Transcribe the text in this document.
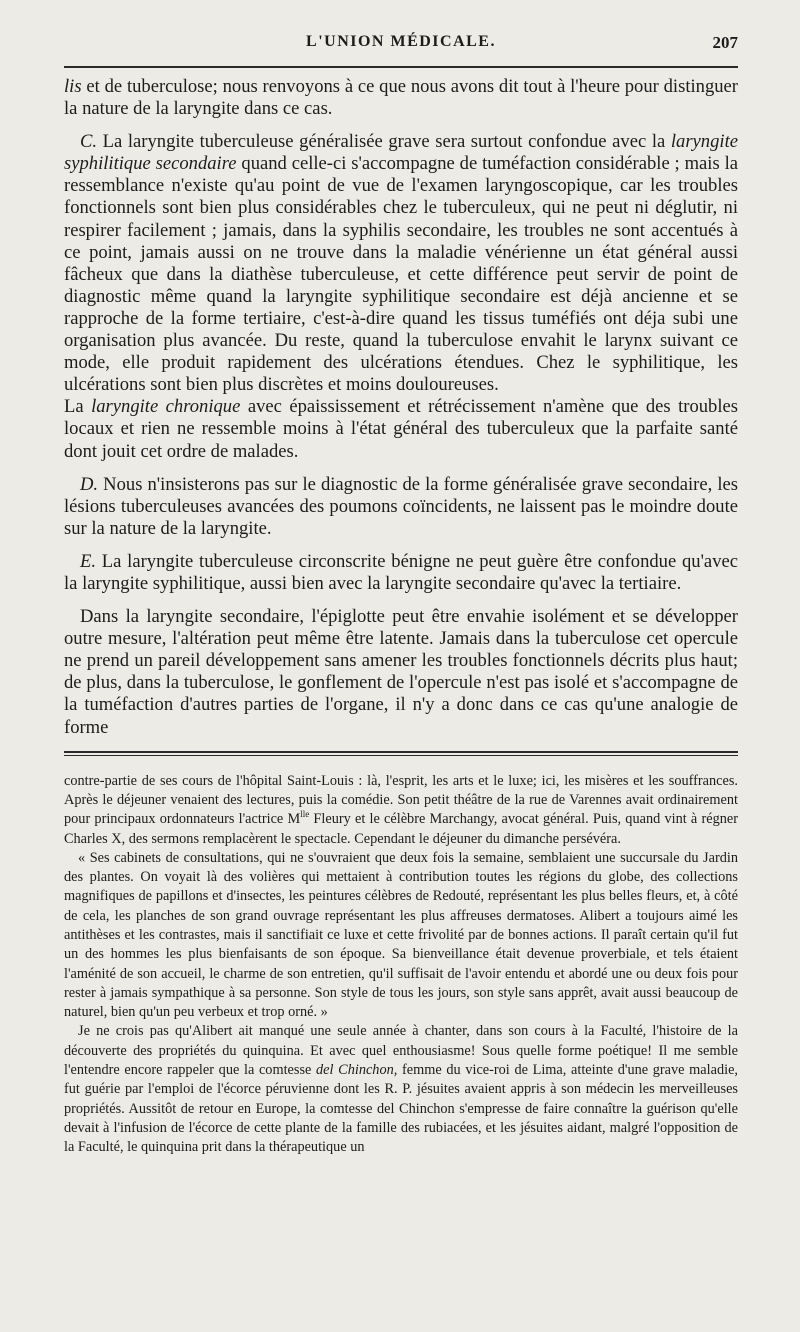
L'UNION MÉDICALE.	207

lis et de tuberculose; nous renvoyons à ce que nous avons dit tout à l'heure pour distinguer la nature de la laryngite dans ce cas.

C. La laryngite tuberculeuse généralisée grave sera surtout confondue avec la laryngite syphilitique secondaire quand celle-ci s'accompagne de tuméfaction considérable ; mais la ressemblance n'existe qu'au point de vue de l'examen laryngoscopique, car les troubles fonctionnels sont bien plus considérables chez le tuberculeux, qui ne peut ni déglutir, ni respirer facilement ; jamais, dans la syphilis secondaire, les troubles ne sont accentués à ce point, jamais aussi on ne trouve dans la maladie vénérienne un état général aussi fâcheux que dans la diathèse tuberculeuse, et cette différence peut servir de point de diagnostic même quand la laryngite syphilitique secondaire est déjà ancienne et se rapproche de la forme tertiaire, c'est-à-dire quand les tissus tuméfiés ont déja subi une organisation plus avancée. Du reste, quand la tuberculose envahit le larynx suivant ce mode, elle produit rapidement des ulcérations étendues. Chez le syphilitique, les ulcérations sont bien plus discrètes et moins douloureuses.

La laryngite chronique avec épaississement et rétrécissement n'amène que des troubles locaux et rien ne ressemble moins à l'état général des tuberculeux que la parfaite santé dont jouit cet ordre de malades.

D. Nous n'insisterons pas sur le diagnostic de la forme généralisée grave secondaire, les lésions tuberculeuses avancées des poumons coïncidents, ne laissent pas le moindre doute sur la nature de la laryngite.

E. La laryngite tuberculeuse circonscrite bénigne ne peut guère être confondue qu'avec la laryngite syphilitique, aussi bien avec la laryngite secondaire qu'avec la tertiaire.

Dans la laryngite secondaire, l'épiglotte peut être envahie isolément et se développer outre mesure, l'altération peut même être latente. Jamais dans la tuberculose cet opercule ne prend un pareil développement sans amener les troubles fonctionnels décrits plus haut; de plus, dans la tuberculose, le gonflement de l'opercule n'est pas isolé et s'accompagne de la tuméfaction d'autres parties de l'organe, il n'y a donc dans ce cas qu'une analogie de forme

contre-partie de ses cours de l'hôpital Saint-Louis : là, l'esprit, les arts et le luxe; ici, les misères et les souffrances. Après le déjeuner venaient des lectures, puis la comédie. Son petit théâtre de la rue de Varennes avait ordinairement pour principaux ordonnateurs l'actrice $M^{lle}$ Fleury et le célèbre Marchangy, avocat général. Puis, quand vint à régner Charles X, des sermons remplacèrent le spectacle. Cependant le déjeuner du dimanche persévéra.

« Ses cabinets de consultations, qui ne s'ouvraient que deux fois la semaine, semblaient une succursale du Jardin des plantes. On voyait là des volières qui mettaient à contribution toutes les régions du globe, des collections magnifiques de papillons et d'insectes, les peintures célèbres de Redouté, représentant les plus belles fleurs, et, à côté de cela, les planches de son grand ouvrage représentant les plus affreuses dermatoses. Alibert a toujours aimé les antithèses et les contrastes, mais il sanctifiait ce luxe et cette frivolité par de bonnes actions. Il paraît certain qu'il fut un des hommes les plus bienfaisants de son époque. Sa bienveillance était devenue proverbiale, et tels étaient l'aménité de son accueil, le charme de son entretien, qu'il suffisait de l'avoir entendu et abordé une ou deux fois pour rester à jamais sympathique à sa personne. Son style de tous les jours, son style sans apprêt, avait aussi beaucoup de naturel, bien qu'un peu verbeux et trop orné. »

Je ne crois pas qu'Alibert ait manqué une seule année à chanter, dans son cours à la Faculté, l'histoire de la découverte des propriétés du quinquina. Et avec quel enthousiasme! Sous quelle forme poétique! Il me semble l'entendre encore rappeler que la comtesse del Chinchon, femme du vice-roi de Lima, atteinte d'une grave maladie, fut guérie par l'emploi de l'écorce péruvienne dont les R. P. jésuites avaient appris à son médecin les merveilleuses propriétés. Aussitôt de retour en Europe, la comtesse del Chinchon s'empresse de faire connaître la guérison qu'elle devait à l'infusion de l'écorce de cette plante de la famille des rubiacées, et les jésuites aidant, malgré l'opposition de la Faculté, le quinquina prit dans la thérapeutique un
